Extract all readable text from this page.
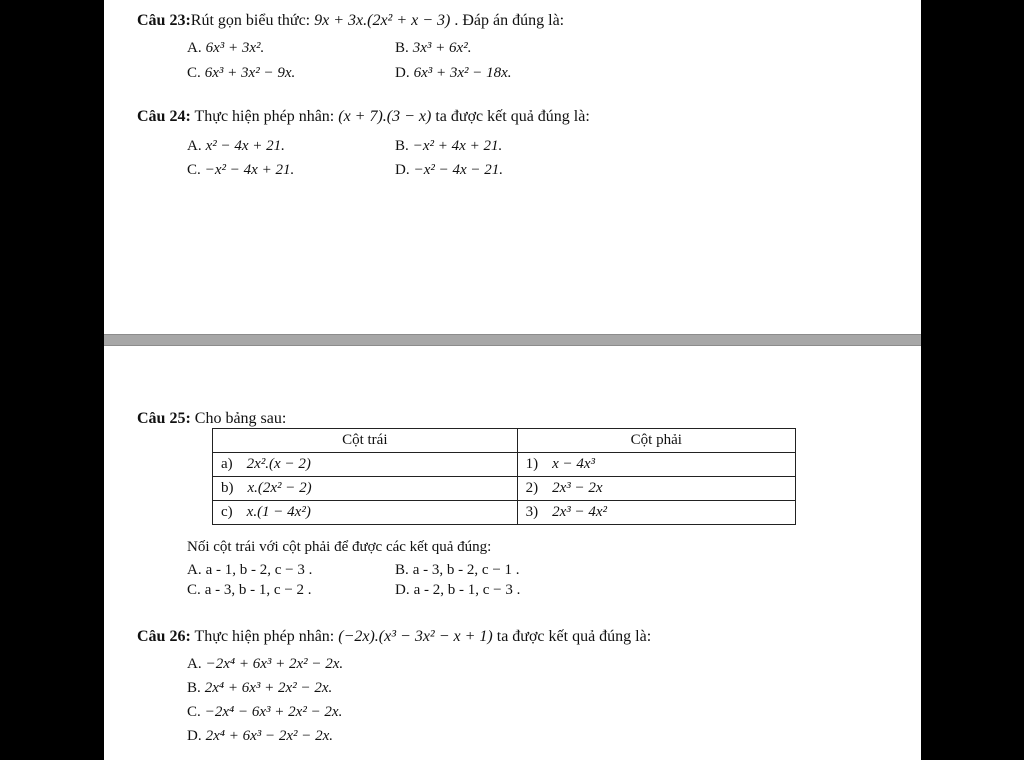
Câu 23:Rút gọn biểu thức: 9x + 3x.(2x² + x − 3) . Đáp án đúng là:
A. 6x³ + 3x².	B. 3x³ + 6x².
C. 6x³ + 3x² − 9x.	D. 6x³ + 3x² − 18x.
Câu 24: Thực hiện phép nhân: (x + 7).(3 − x) ta được kết quả đúng là:
A. x² − 4x + 21.	B. −x² + 4x + 21.
C. −x² − 4x + 21.	D. −x² − 4x − 21.
Câu 25: Cho bảng sau:
Cột trái	Cột phải
a) 2x².(x − 2)	1) x − 4x³
b) x.(2x² − 2)	2) 2x³ − 2x
c) x.(1 − 4x²)	3) 2x³ − 4x²
Nối cột trái với cột phải để được các kết quả đúng:
A. a - 1, b - 2, c − 3 .	B. a - 3, b - 2, c − 1 .
C. a - 3, b - 1, c − 2 .	D. a - 2, b - 1, c − 3 .
Câu 26: Thực hiện phép nhân: (−2x).(x³ − 3x² − x + 1) ta được kết quả đúng là:
A. −2x⁴ + 6x³ + 2x² − 2x.
B. 2x⁴ + 6x³ + 2x² − 2x.
C. −2x⁴ − 6x³ + 2x² − 2x.
D. 2x⁴ + 6x³ − 2x² − 2x.
